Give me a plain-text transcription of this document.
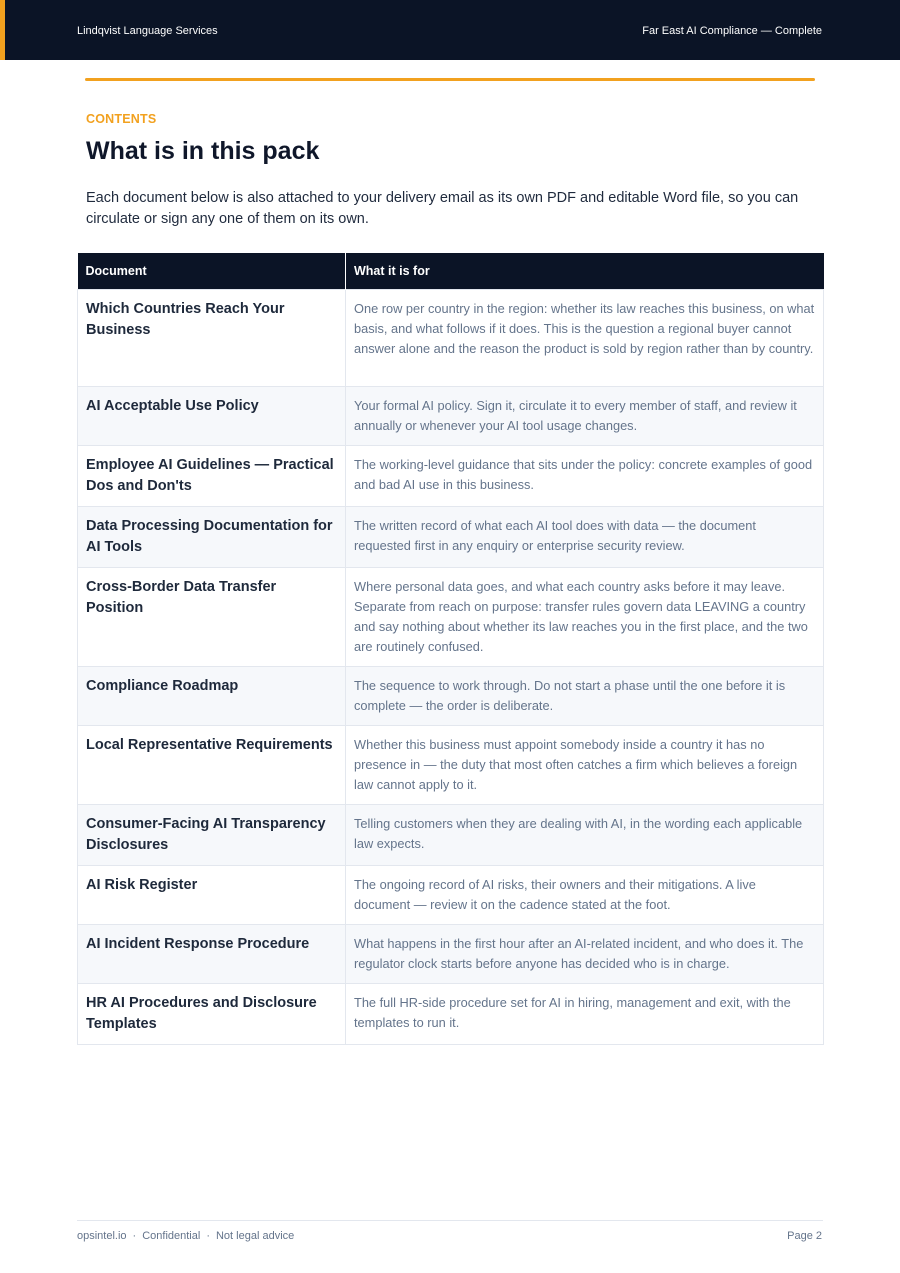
Lindqvist Language Services	Far East AI Compliance — Complete
CONTENTS
What is in this pack

Each document below is also attached to your delivery email as its own PDF and editable Word file, so you can circulate or sign any one of them on its own.

Document	What it is for

Which Countries Reach Your Business	One row per country in the region: whether its law reaches this business, on what basis, and what follows if it does. This is the question a regional buyer cannot answer alone and the reason the product is sold by region rather than by country.

AI Acceptable Use Policy	Your formal AI policy. Sign it, circulate it to every member of staff, and review it annually or whenever your AI tool usage changes.

Employee AI Guidelines — Practical Dos and Don'ts	The working-level guidance that sits under the policy: concrete examples of good and bad AI use in this business.

Data Processing Documentation for AI Tools	The written record of what each AI tool does with data — the document requested first in any enquiry or enterprise security review.

Cross-Border Data Transfer Position	Where personal data goes, and what each country asks before it may leave. Separate from reach on purpose: transfer rules govern data LEAVING a country and say nothing about whether its law reaches you in the first place, and the two are routinely confused.

Compliance Roadmap	The sequence to work through. Do not start a phase until the one before it is complete — the order is deliberate.

Local Representative Requirements	Whether this business must appoint somebody inside a country it has no presence in — the duty that most often catches a firm which believes a foreign law cannot apply to it.

Consumer-Facing AI Transparency Disclosures	Telling customers when they are dealing with AI, in the wording each applicable law expects.

AI Risk Register	The ongoing record of AI risks, their owners and their mitigations. A live document — review it on the cadence stated at the foot.

AI Incident Response Procedure	What happens in the first hour after an AI-related incident, and who does it. The regulator clock starts before anyone has decided who is in charge.

HR AI Procedures and Disclosure Templates	The full HR-side procedure set for AI in hiring, management and exit, with the templates to run it.
opsintel.io · Confidential · Not legal advice	Page 2
